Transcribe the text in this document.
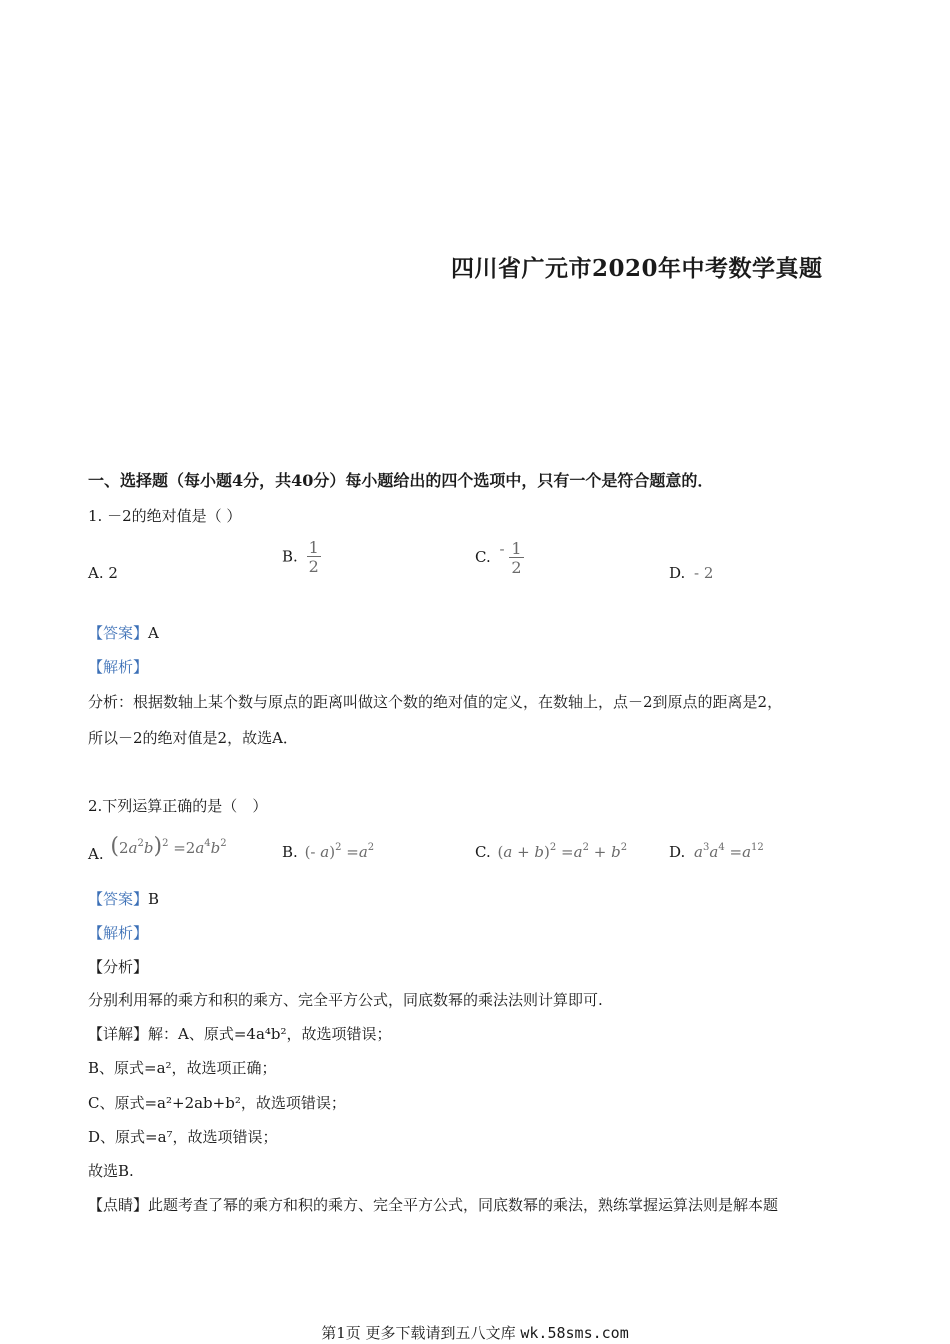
四川省广元市2020年中考数学真题
一、选择题（每小题4分，共40分）每小题给出的四个选项中，只有一个是符合题意的．
1. －2的绝对值是（ ）
A. 2
B. $\frac{1}{2}$	C. - $\frac{1}{2}$	D. - 2
【答案】A
【解析】
分析：根据数轴上某个数与原点的距离叫做这个数的绝对值的定义，在数轴上，点－2到原点的距离是2，
所以－2的绝对值是2，故选A．
2.下列运算正确的是（　）
A. $(2a^2b)^2 =2a^4b^2$	B. (- $a)^2 =a^2$	C. $(a + b)^2 =a^2 + b^2$	D. $a^3a^4 =a^{12}$
【答案】B
【解析】
【分析】
分别利用幂的乘方和积的乘方、完全平方公式，同底数幂的乘法法则计算即可.
【详解】解：A、原式=4a⁴b²，故选项错误；
B、原式=a²，故选项正确；
C、原式=a²+2ab+b²，故选项错误；
D、原式=a⁷，故选项错误；
故选B.
【点睛】此题考查了幂的乘方和积的乘方、完全平方公式，同底数幂的乘法，熟练掌握运算法则是解本题
第1页 更多下载请到五八文库 wk.58sms.com
